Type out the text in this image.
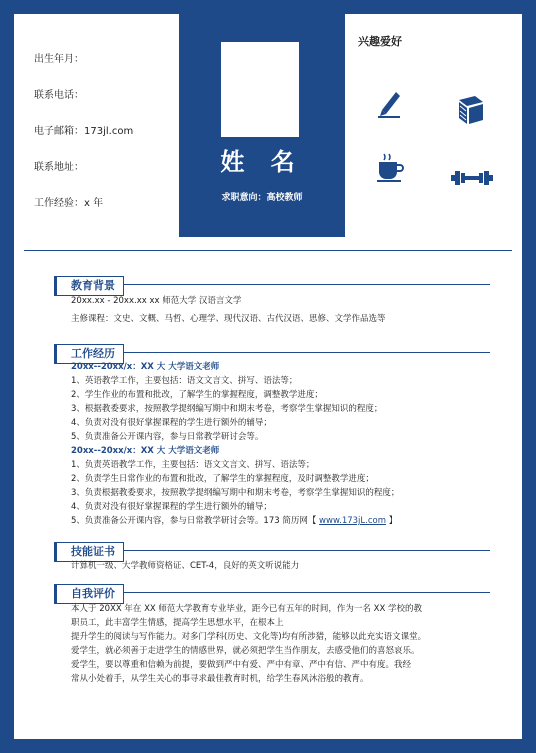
出生年月：
联系电话：
电子邮箱：173jl.com
联系地址：
工作经验：x 年
姓 名
求职意向：高校教师
兴趣爱好
教育背景
20xx.xx - 20xx.xx xx 师范大学 汉语言文学
主修课程：文史、文概、马哲、心理学、现代汉语、古代汉语、思修、文学作品选等
工作经历
20xx--20xx/x：XX 大 大学语文老师
1、英语教学工作，主要包括：语文文言文、拼写、语法等；
2、学生作业的布置和批改，了解学生的掌握程度，调整教学进度；
3、根据教委要求，按照教学提纲编写期中和期末考卷，考察学生掌握知识的程度；
4、负责对没有很好掌握课程的学生进行额外的辅导；
5、负责准备公开课内容，参与日常教学研讨会等。
20xx--20xx/x：XX 大 大学语文老师
1、负责英语教学工作，主要包括：语文文言文、拼写、语法等；
2、负责学生日常作业的布置和批改，了解学生的掌握程度，及时调整教学进度；
3、负责根据教委要求，按照教学提纲编写期中和期末考卷，考察学生掌握知识的程度；
4、负责对没有很好掌握课程的学生进行额外的辅导；
5、负责准备公开课内容，参与日常教学研讨会等。173 简历网【 www.173jL.com 】
技能证书
计算机一级、大学教师资格证、CET-4，良好的英文听说能力
自我评价
本人于 20XX 年在 XX 师范大学教育专业毕业，距今已有五年的时间，作为一名 XX 学校的教
职员工，此丰富学生情感，提高学生思想水平，在根本上
提升学生的阅读与写作能力。对多门学科(历史、文化等)均有所涉猎，能够以此充实语文课堂。
爱学生，就必须善于走进学生的情感世界，就必须把学生当作朋友，去感受他们的喜怒哀乐。
爱学生，要以尊重和信赖为前提，要做到严中有爱、严中有章、严中有信、严中有度。我经
常从小处着手，从学生关心的事寻求最佳教育时机，给学生春风沐浴般的教育。
